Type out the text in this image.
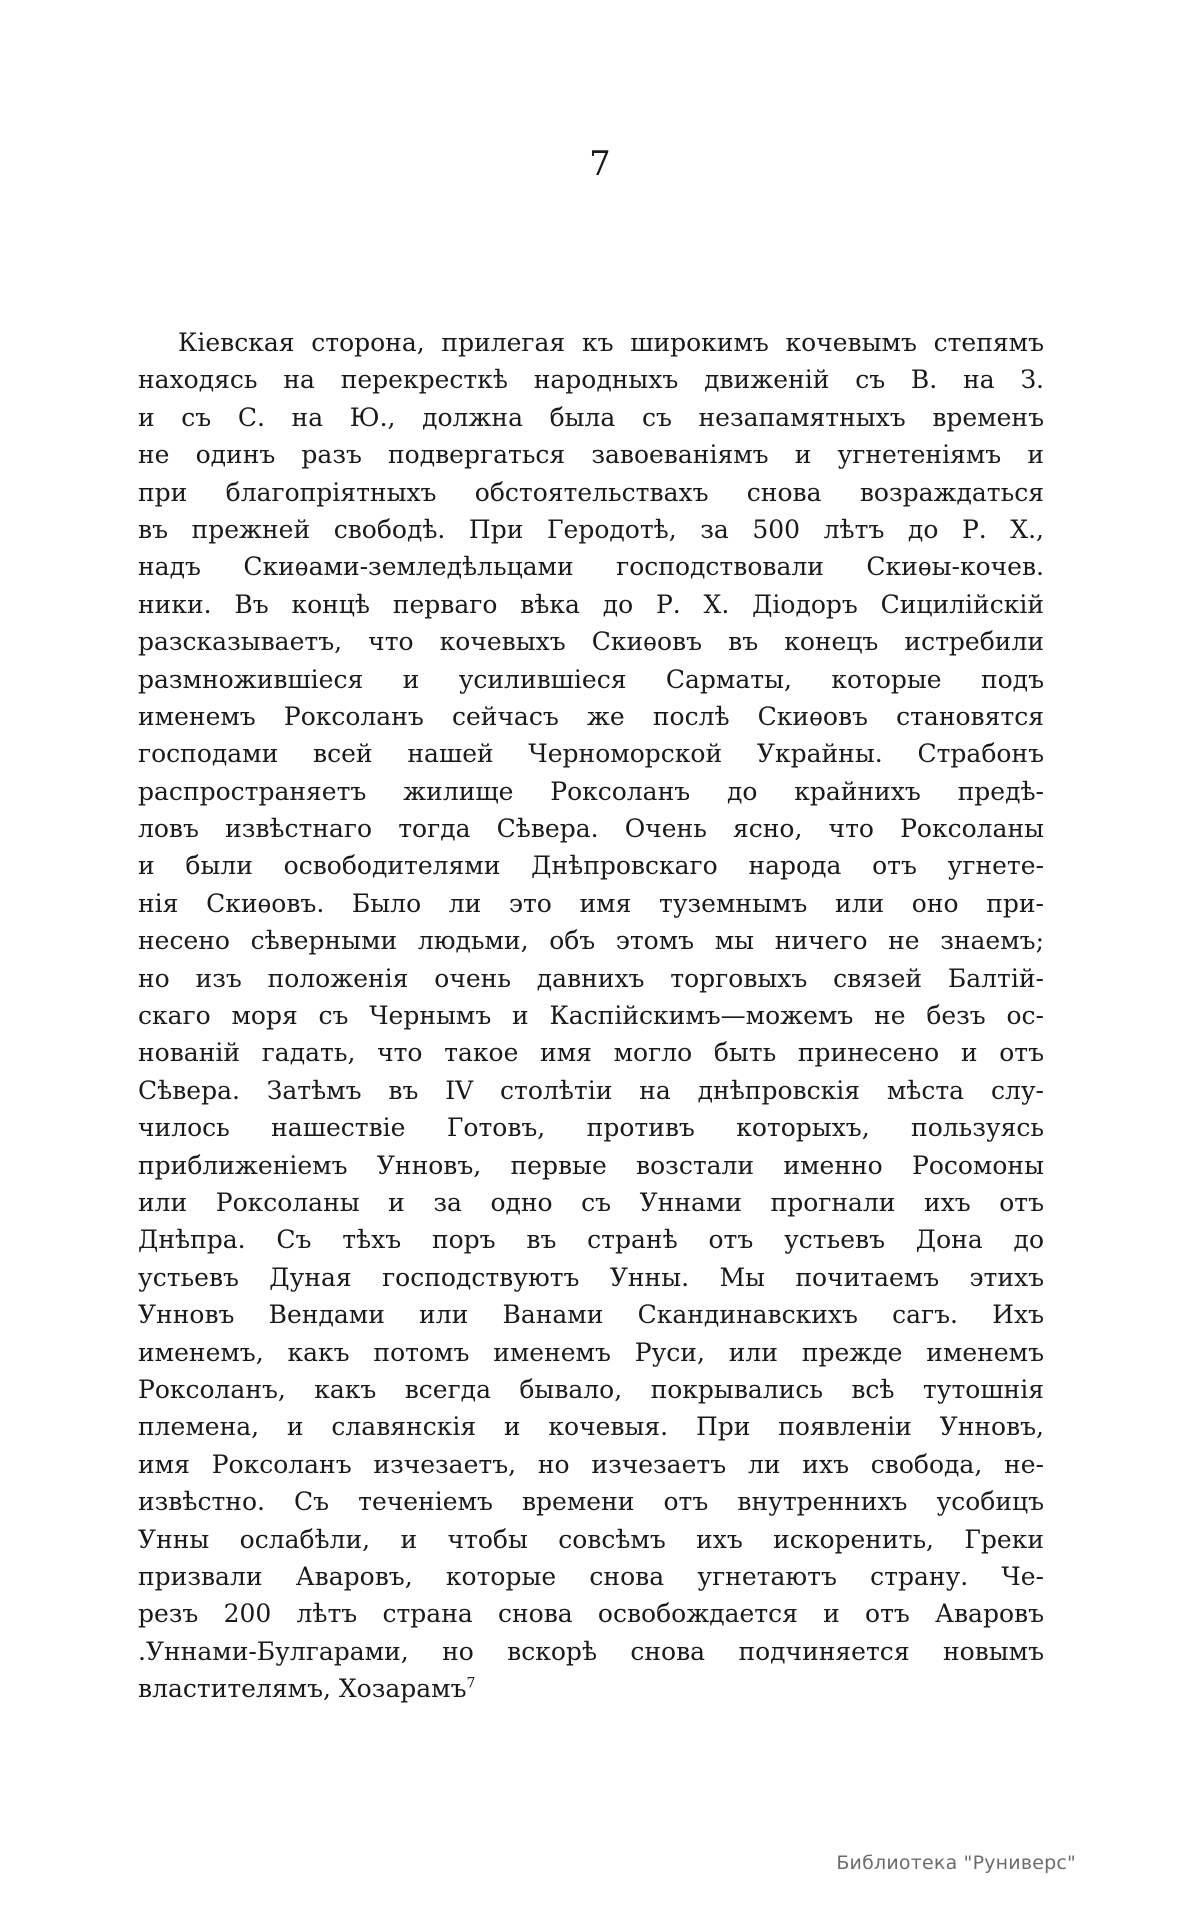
7
Кіевская сторона, прилегая къ широкимъ кочевымъ степямъ
находясь на перекресткѣ народныхъ движеній съ В. на З.
и съ С. на Ю., должна была съ незапамятныхъ временъ
не одинъ разъ подвергаться завоеваніямъ и угнетеніямъ и
при благопріятныхъ обстоятельствахъ снова возраждаться
въ прежней свободѣ. При Геродотѣ, за 500 лѣтъ до Р. Х.,
надъ Скиѳами-земледѣльцами господствовали Скиѳы-кочев.
ники. Въ концѣ перваго вѣка до Р. Х. Діодоръ Сицилійскій
разсказываетъ, что кочевыхъ Скиѳовъ въ конецъ истребили
размножившіеся и усилившіеся Сарматы, которые подъ
именемъ Роксоланъ сейчасъ же послѣ Скиѳовъ становятся
господами всей нашей Черноморской Украйны. Страбонъ
распространяетъ жилище Роксоланъ до крайнихъ предѣ-
ловъ извѣстнаго тогда Сѣвера. Очень ясно, что Роксоланы
и были освободителями Днѣпровскаго народа отъ угнете-
нія Скиѳовъ. Было ли это имя туземнымъ или оно при-
несено сѣверными людьми, объ этомъ мы ничего не знаемъ;
но изъ положенія очень давнихъ торговыхъ связей Балтій-
скаго моря съ Чернымъ и Каспійскимъ—можемъ не безъ ос-
нованій гадать, что такое имя могло быть принесено и отъ
Сѣвера. Затѣмъ въ IV столѣтіи на днѣпровскія мѣста слу-
чилось нашествіе Готовъ, противъ которыхъ, пользуясь
приближеніемъ Унновъ, первые возстали именно Росомоны
или Роксоланы и за одно съ Уннами прогнали ихъ отъ
Днѣпра. Съ тѣхъ поръ въ странѣ отъ устьевъ Дона до
устьевъ Дуная господствуютъ Унны. Мы почитаемъ этихъ
Унновъ Вендами или Ванами Скандинавскихъ сагъ. Ихъ
именемъ, какъ потомъ именемъ Руси, или прежде именемъ
Роксоланъ, какъ всегда бывало, покрывались всѣ тутошнія
племена, и славянскія и кочевыя. При появленіи Унновъ,
имя Роксоланъ изчезаетъ, но изчезаетъ ли ихъ свобода, не-
извѣстно. Съ теченіемъ времени отъ внутреннихъ усобицъ
Унны ослабѣли, и чтобы совсѣмъ ихъ искоренить, Греки
призвали Аваровъ, которые снова угнетаютъ страну. Че-
резъ 200 лѣтъ страна снова освобождается и отъ Аваровъ
.Уннами-Булгарами, но вскорѣ снова подчиняется новымъ
властителямъ, Хозарамъ$^7$
Библиотека "Руниверс"
